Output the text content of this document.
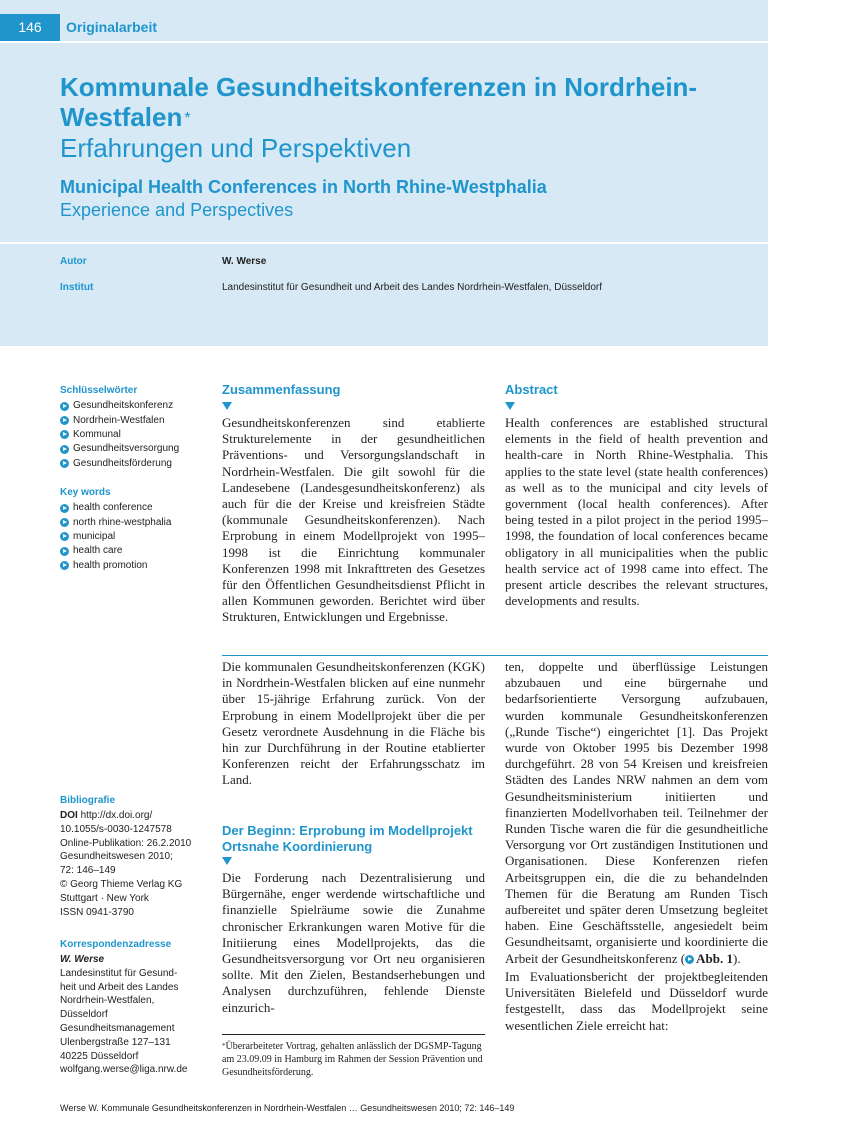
146	Originalarbeit
Kommunale Gesundheitskonferenzen in Nordrhein-Westfalen *
Erfahrungen und Perspektiven
Municipal Health Conferences in North Rhine-Westphalia
Experience and Perspectives
Autor	W. Werse
Institut	Landesinstitut für Gesundheit und Arbeit des Landes Nordrhein-Westfalen, Düsseldorf
Schlüsselwörter
Gesundheitskonferenz
Nordrhein-Westfalen
Kommunal
Gesundheitsversorgung
Gesundheitsförderung
Key words
health conference
north rhine-westphalia
municipal
health care
health promotion
Bibliografie
DOI http://dx.doi.org/
10.1055/s-0030-1247578
Online-Publikation: 26.2.2010
Gesundheitswesen 2010;
72: 146–149
© Georg Thieme Verlag KG
Stuttgart · New York
ISSN 0941-3790
Korrespondenzadresse
W. Werse
Landesinstitut für Gesund-
heit und Arbeit des Landes
Nordrhein-Westfalen,
Düsseldorf
Gesundheitsmanagement
Ulenbergstraße 127–131
40225 Düsseldorf
wolfgang.werse@liga.nrw.de
Zusammenfassung
Gesundheitskonferenzen sind etablierte Strukturelemente in der gesundheitlichen Präventions- und Versorgungslandschaft in Nordrhein-Westfalen. Die gilt sowohl für die Landesebene (Landesgesundheitskonferenz) als auch für die der Kreise und kreisfreien Städte (kommunale Gesundheitskonferenzen). Nach Erprobung in einem Modellprojekt von 1995–1998 ist die Einrichtung kommunaler Konferenzen 1998 mit Inkrafttreten des Gesetzes für den Öffentlichen Gesundheitsdienst Pflicht in allen Kommunen geworden. Berichtet wird über Strukturen, Entwicklungen und Ergebnisse.
Abstract
Health conferences are established structural elements in the field of health prevention and health-care in North Rhine-Westphalia. This applies to the state level (state health conferences) as well as to the municipal and city levels of government (local health conferences). After being tested in a pilot project in the period 1995–1998, the foundation of local conferences became obligatory in all municipalities when the public health service act of 1998 came into effect. The present article describes the relevant structures, developments and results.
Die kommunalen Gesundheitskonferenzen (KGK) in Nordrhein-Westfalen blicken auf eine nunmehr über 15-jährige Erfahrung zurück. Von der Erprobung in einem Modellprojekt über die per Gesetz verordnete Ausdehnung in die Fläche bis hin zur Durchführung in der Routine etablierter Konferenzen reicht der Erfahrungsschatz im Land.
Der Beginn: Erprobung im Modellprojekt Ortsnahe Koordinierung
Die Forderung nach Dezentralisierung und Bürgernähe, enger werdende wirtschaftliche und finanzielle Spielräume sowie die Zunahme chronischer Erkrankungen waren Motive für die Initiierung eines Modellprojekts, das die Gesundheitsversorgung vor Ort neu organisieren sollte. Mit den Zielen, Bestandserhebungen und Analysen durchzuführen, fehlende Dienste einzurich-
ten, doppelte und überflüssige Leistungen abzubauen und eine bürgernahe und bedarfsorientierte Versorgung aufzubauen, wurden kommunale Gesundheitskonferenzen („Runde Tische“) eingerichtet [1]. Das Projekt wurde von Oktober 1995 bis Dezember 1998 durchgeführt. 28 von 54 Kreisen und kreisfreien Städten des Landes NRW nahmen an dem vom Gesundheitsministerium initiierten und finanzierten Modellvorhaben teil. Teilnehmer der Runden Tische waren die für die gesundheitliche Versorgung vor Ort zuständigen Institutionen und Organisationen. Diese Konferenzen riefen Arbeitsgruppen ein, die die zu behandelnden Themen für die Beratung am Runden Tisch aufbereitet und später deren Umsetzung begleitet haben. Eine Geschäftsstelle, angesiedelt beim Gesundheitsamt, organisierte und koordinierte die Arbeit der Gesundheitskonferenz ( Abb. 1).
Im Evaluationsbericht der projektbegleitenden Universitäten Bielefeld und Düsseldorf wurde festgestellt, dass das Modellprojekt seine wesentlichen Ziele erreicht hat:
*Überarbeiteter Vortrag, gehalten anlässlich der DGSMP-Tagung am 23.09.09 in Hamburg im Rahmen der Session Prävention und Gesundheitsförderung.
Werse W. Kommunale Gesundheitskonferenzen in Nordrhein-Westfalen … Gesundheitswesen 2010; 72: 146–149
